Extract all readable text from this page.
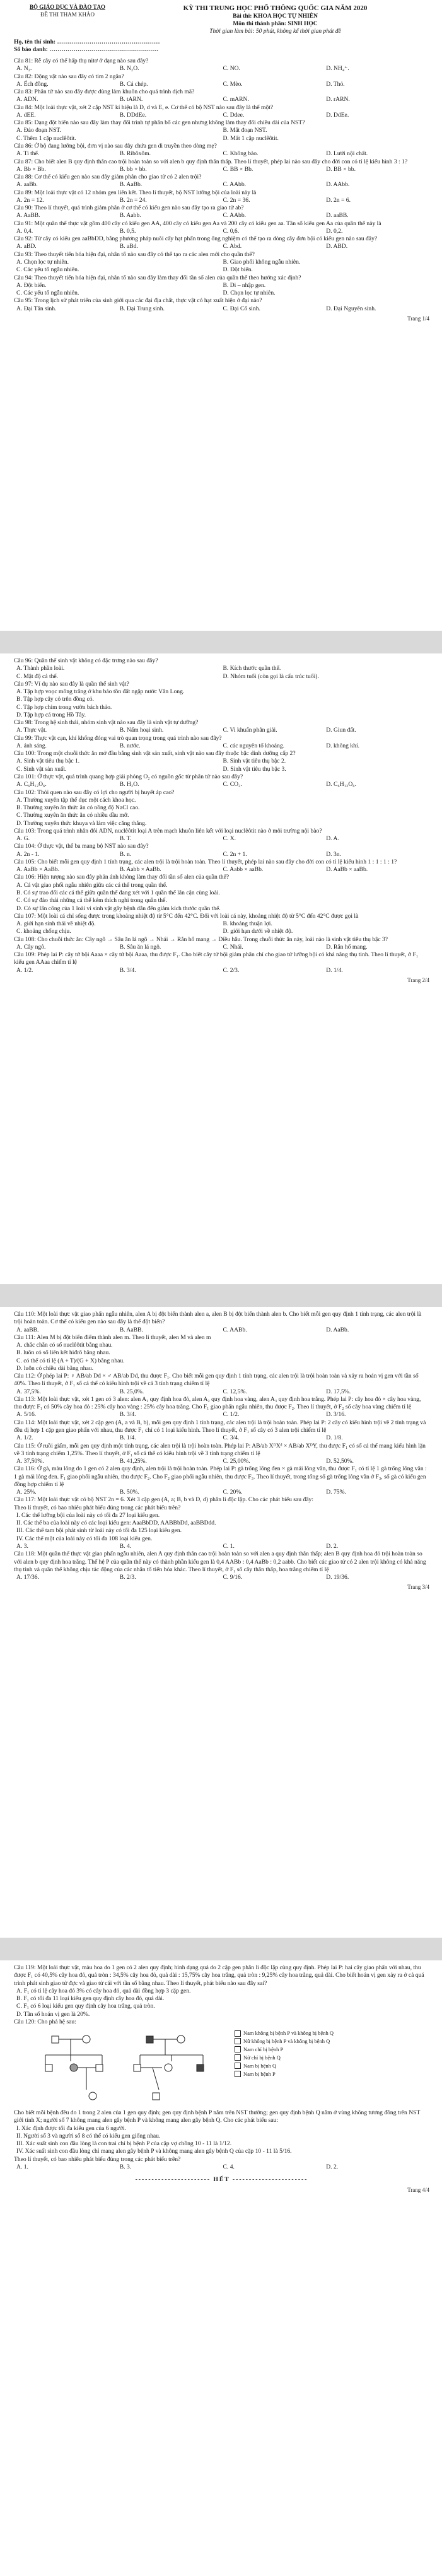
BỘ GIÁO DỤC VÀ ĐÀO TẠO
ĐỀ THI THAM KHẢO
KỲ THI TRUNG HỌC PHỔ THÔNG QUỐC GIA NĂM 2020
Bài thi: KHOA HỌC TỰ NHIÊN
Môn thi thành phần: SINH HỌC
Thời gian làm bài: 50 phút, không kể thời gian phát đề
Họ, tên thí sinh: ……………………………………………
Số báo danh: ………………………………………………

Câu 81: Rễ cây có thể hấp thụ nitơ ở dạng nào sau đây?

A. N₂.	B. N₂O.	C. NO.	D. NH₄⁺.

Câu 82: Động vật nào sau đây có tim 2 ngăn?

A. Ếch đồng.	B. Cá chép.	C. Mèo.	D. Thỏ.

Câu 83: Phân tử nào sau đây được dùng làm khuôn cho quá trình dịch mã?

A. ADN.	B. tARN.	C. mARN.	D. rARN.

Câu 84: Một loài thực vật, xét 2 cặp NST kí hiệu là D, d và E, e. Cơ thể có bộ NST nào sau đây là thể một?

A. dEE.	B. DDdEe.	C. Ddee.	D. DdEe.

Câu 85: Dạng đột biến nào sau đây làm thay đổi trình tự phân bố các gen nhưng không làm thay đổi chiều dài của NST?

A. Đảo đoạn NST.	B. Mất đoạn NST.
C. Thêm 1 cặp nuclêôtit.	D. Mất 1 cặp nuclêôtit.

Câu 86: Ở bộ đang lưỡng bội, đơn vị nào sau đây chứa gen di truyền theo dòng mẹ?

A. Ti thể.	B. Ribôxôm.	C. Không bào.	D. Lưới nội chất.

Câu 87: Cho biết alen B quy định thân cao trội hoàn toàn so với alen b quy định thân thấp. Theo lí thuyết, phép lai nào sau đây cho đời con có tỉ lệ kiểu hình 3 : 1?

A. Bb × Bb.	B. bb × bb.	C. BB × Bb.	D. BB × bb.

Câu 88: Cơ thể có kiểu gen nào sau đây giảm phân cho giao tử có 2 alen trội?

A. aaBb.	B. AaBb.	C. AAbb.	D. AAbb.

Câu 89: Một loài thực vật có 12 nhóm gen liên kết. Theo lí thuyết, bộ NST lưỡng bội của loài này là

A. 2n = 12.	B. 2n = 24.	C. 2n = 36.	D. 2n = 6.

Câu 90: Theo lí thuyết, quá trình giảm phân ở cơ thể có kiểu gen nào sau đây tạo ra giao tử ab?

A. AaBB.	B. Aabb.	C. AAbb.	D. aaBB.

Câu 91: Một quần thể thực vật gồm 400 cây có kiểu gen AA, 400 cây có kiểu gen Aa và 200 cây có kiểu gen aa. Tần số kiểu gen Aa của quần thể này là

A. 0,4.	B. 0,5.	C. 0,6.	D. 0,2.

Câu 92: Từ cây có kiểu gen aaBbDD, bằng phương pháp nuôi cấy hạt phấn trong ống nghiệm có thể tạo ra dòng cây đơn bội có kiểu gen nào sau đây?

A. aBD.	B. aBd.	C. Abd.	D. ABD.

Câu 93: Theo thuyết tiến hóa hiện đại, nhân tố nào sau đây có thể tạo ra các alen mới cho quần thể?

A. Chọn lọc tự nhiên.	B. Giao phối không ngẫu nhiên.
C. Các yếu tố ngẫu nhiên.	D. Đột biến.

Câu 94: Theo thuyết tiến hóa hiện đại, nhân tố nào sau đây làm thay đổi tần số alen của quần thể theo hướng xác định?

A. Đột biến.	B. Di – nhập gen.
C. Các yếu tố ngẫu nhiên.	D. Chọn lọc tự nhiên.

Câu 95: Trong lịch sử phát triển của sinh giới qua các đại địa chất, thực vật có hạt xuất hiện ở đại nào?

A. Đại Tân sinh.	B. Đại Trung sinh.	C. Đại Cổ sinh.	D. Đại Nguyên sinh.
Trang 1/4

Câu 96: Quần thể sinh vật không có đặc trưng nào sau đây?

A. Thành phần loài.	B. Kích thước quần thể.
C. Mật độ cá thể.	D. Nhóm tuổi (còn gọi là cấu trúc tuổi).

Câu 97: Ví dụ nào sau đây là quần thể sinh vật?

A. Tập hợp voọc mông trắng ở khu bảo tồn đất ngập nước Vân Long.
B. Tập hợp cây cỏ trên đồng cỏ.
C. Tập hợp chim trong vườn bách thảo.
D. Tập hợp cá trong Hồ Tây.

Câu 98: Trong hệ sinh thái, nhóm sinh vật nào sau đây là sinh vật tự dưỡng?

A. Thực vật.	B. Nấm hoại sinh.	C. Vi khuẩn phân giải.	D. Giun đất.

Câu 99: Thực vật cạn, khí khổng đóng vai trò quan trọng trong quá trình nào sau đây?

A. ánh sáng.	B. nước.	C. các nguyên tố khoáng.	D. không khí.

Câu 100: Trong một chuỗi thức ăn mở đầu bằng sinh vật sản xuất, sinh vật nào sau đây thuộc bậc dinh dưỡng cấp 2?

A. Sinh vật tiêu thụ bậc 1.	B. Sinh vật tiêu thụ bậc 2.
C. Sinh vật sản xuất.	D. Sinh vật tiêu thụ bậc 3.

Câu 101: Ở thực vật, quá trình quang hợp giải phóng O₂ có nguồn gốc từ phân tử nào sau đây?

A. C₆H₁₂O₆.	B. H₂O.	C. CO₂.	D. C₆H₁₂O₆.

Câu 102: Thói quen nào sau đây có lợi cho người bị huyết áp cao?

A. Thường xuyên tập thể dục một cách khoa học.
B. Thường xuyên ăn thức ăn có nồng độ NaCl cao.
C. Thường xuyên ăn thức ăn có nhiều dầu mỡ.
D. Thường xuyên thức khuya và làm việc căng thẳng.

Câu 103: Trong quá trình nhân đôi ADN, nuclêôtit loại A trên mạch khuôn liên kết với loại nuclêôtit nào ở môi trường nội bào?

A. G.	B. T.	C. X.	D. A.

Câu 104: Ở thực vật, thể ba mang bộ NST nào sau đây?

A. 2n - 1.	B. n.	C. 2n + 1.	D. 3n.

Câu 105: Cho biết mỗi gen quy định 1 tính trạng, các alen trội là trội hoàn toàn. Theo lí thuyết, phép lai nào sau đây cho đời con có tỉ lệ kiểu hình 1 : 1 : 1 : 1?

A. AaBb × AaBb.	B. Aabb × AaBb.	C. Aabb × aaBb.	D. AaBb × aaBb.

Câu 106: Hiện tượng nào sau đây phản ánh không làm thay đổi tần số alen của quần thể?

A. Cá vật giao phối ngẫu nhiên giữa các cá thể trong quần thể.
B. Có sự trao đổi các cá thể giữa quần thể đang xét với 1 quần thể lân cận cùng loài.
C. Có sự đào thải những cá thể kém thích nghi trong quần thể.
D. Có sự lấn công của 1 loài vi sinh vật gây bệnh dẫn đến giảm kích thước quần thể.

Câu 107: Một loài cá chỉ sống được trong khoảng nhiệt độ từ 5°C đến 42°C. Đối với loài cá này, khoảng nhiệt độ từ 5°C đến 42°C được gọi là

A. giới hạn sinh thái về nhiệt độ.	B. khoảng thuận lợi.
C. khoảng chống chịu.	D. giới hạn dưới về nhiệt độ.

Câu 108: Cho chuỗi thức ăn: Cây ngô → Sâu ăn lá ngô → Nhái → Rắn hổ mang → Diều hâu. Trong chuỗi thức ăn này, loài nào là sinh vật tiêu thụ bậc 3?

A. Cây ngô.	B. Sâu ăn lá ngô.	C. Nhái.	D. Rắn hổ mang.

Câu 109: Phép lai P: cây tứ bội Aaaa × cây tứ bội Aaaa, thu được F₁. Cho biết cây tứ bội giảm phân chỉ cho giao tử lưỡng bội có khả năng thụ tinh. Theo lí thuyết, ở F₁ kiểu gen AAaa chiếm tỉ lệ

A. 1/2.	B. 3/4.	C. 2/3.	D. 1/4.
Trang 2/4

Câu 110: Một loài thực vật giao phấn ngẫu nhiên, alen A bị đột biến thành alen a, alen B bị đột biến thành alen b. Cho biết mỗi gen quy định 1 tính trạng, các alen trội là trội hoàn toàn. Cơ thể có kiểu gen nào sau đây là thể đột biến?

A. aaBB.	B. AaBB.	C. AABb.	D. AaBb.

Câu 111: Alen M bị đột biến điểm thành alen m. Theo lí thuyết, alen M và alen m

A. chắc chắn có số nuclêôtit bằng nhau.
B. luôn có số liên kết hiđrô bằng nhau.
C. có thể có tỉ lệ (A + T)/(G + X) bằng nhau.
D. luôn có chiều dài bằng nhau.

Câu 112: Ở phép lai P: ♀ AB/ab Dd × ♂ AB/ab Dd, thu được F₁. Cho biết mỗi gen quy định 1 tính trạng, các alen trội là trội hoàn toàn và xảy ra hoán vị gen với tần số 40%. Theo lí thuyết, ở F₁ số cá thể có kiểu hình trội về cả 3 tính trạng chiếm tỉ lệ

A. 37,5%.	B. 25,0%.	C. 12,5%.	D. 17,5%.

Câu 113: Một loài thực vật, xét 1 gen có 3 alen: alen A₁ quy định hoa đỏ, alen A₂ quy định hoa vàng, alen A₃ quy định hoa trắng. Phép lai P: cây hoa đỏ × cây hoa vàng, thu được F₁ có 50% cây hoa đỏ : 25% cây hoa vàng : 25% cây hoa trắng. Cho F₁ giao phấn ngẫu nhiên, thu được F₂. Theo lí thuyết, ở F₂ số cây hoa vàng chiếm tỉ lệ

A. 5/16.	B. 3/4.	C. 1/2.	D. 3/16.

Câu 114: Một loài thực vật, xét 2 cặp gen (A, a và B, b), mỗi gen quy định 1 tính trạng, các alen trội là trội hoàn toàn. Phép lai P: 2 cây có kiểu hình trội về 2 tính trạng và đều dị hợp 1 cặp gen giao phấn với nhau, thu được F₁ chỉ có 1 loại kiểu hình. Theo lí thuyết, ở F₁ số cây có 3 alen trội chiếm tỉ lệ

A. 1/2.	B. 1/4.	C. 3/4.	D. 1/8.

Câu 115: Ở ruồi giấm, mỗi gen quy định một tính trạng, các alen trội là trội hoàn toàn. Phép lai P: AB/ab XᴰXᵈ × AB/ab XᴰY, thu được F₁ có số cá thể mang kiểu hình lặn về 3 tính trạng chiếm 1,25%. Theo lí thuyết, ở F₁ số cá thể có kiểu hình trội về 3 tính trạng chiếm tỉ lệ

A. 37,50%.	B. 41,25%.	C. 25,00%.	D. 52,50%.

Câu 116: Ở gà, màu lông do 1 gen có 2 alen quy định, alen trội là trội hoàn toàn. Phép lai P: gà trống lông đen × gà mái lông vằn, thu được F₁ có tỉ lệ 1 gà trống lông vằn : 1 gà mái lông đen. F₁ giao phối ngẫu nhiên, thu được F₂. Cho F₂ giao phối ngẫu nhiên, thu được F₃. Theo lí thuyết, trong tổng số gà trống lông vằn ở F₃, số gà có kiểu gen đồng hợp chiếm tỉ lệ

A. 25%.	B. 50%.	C. 20%.	D. 75%.

Câu 117: Một loài thực vật có bộ NST 2n = 6. Xét 3 cặp gen (A, a; B, b và D, d) phân li độc lập. Cho các phát biểu sau đây:

Theo lí thuyết, có bao nhiêu phát biểu đúng trong các phát biểu trên?

I. Các thể lưỡng bội của loài này có tối đa 27 loại kiểu gen.
II. Các thể ba của loài này có các loại kiểu gen: AaaBbDD, AABBbDd, aaBBDdd.
III. Các thể tam bội phát sinh từ loài này có tối đa 125 loại kiểu gen.
IV. Các thể một của loài này có tối đa 108 loại kiểu gen.
A. 3.	B. 4.	C. 1.	D. 2.

Câu 118: Một quần thể thực vật giao phấn ngẫu nhiên, alen A quy định thân cao trội hoàn toàn so với alen a quy định thân thấp; alen B quy định hoa đỏ trội hoàn toàn so với alen b quy định hoa trắng. Thế hệ P của quần thể này có thành phần kiểu gen là 0,4 AABb : 0,4 AaBb : 0,2 aabb. Cho biết các giao tử có 2 alen trội không có khả năng thụ tinh và quần thể không chịu tác động của các nhân tố tiến hóa khác. Theo lí thuyết, ở F₁ số cây thân thấp, hoa trắng chiếm tỉ lệ

A. 17/36.	B. 2/3.	C. 9/16.	D. 19/36.
Trang 3/4

Câu 119: Một loài thực vật, màu hoa do 1 gen có 2 alen quy định; hình dạng quả do 2 cặp gen phân li độc lập cùng quy định. Phép lai P: hai cây giao phấn với nhau, thu được F₁ có 40,5% cây hoa đỏ, quả tròn : 34,5% cây hoa đỏ, quả dài : 15,75% cây hoa trắng, quả tròn : 9,25% cây hoa trắng, quả dài. Cho biết hoán vị gen xảy ra ở cả quá trình phát sinh giao tử đực và giao tử cái với tần số bằng nhau. Theo lí thuyết, phát biểu nào sau đây sai?

A. F₁ có tỉ lệ cây hoa đỏ 3% có cây hoa đỏ, quả dài đồng hợp 3 cặp gen.
B. F₁ có tối đa 11 loại kiểu gen quy định cây hoa đỏ, quả dài.
C. F₁ có 6 loại kiểu gen quy định cây hoa trắng, quả tròn.
D. Tần số hoán vị gen là 20%.

Câu 120: Cho phả hệ sau:

Nam không bị bệnh P và không bị bệnh Q
Nữ không bị bệnh P và không bị bệnh Q
Nam chỉ bị bệnh P
Nữ chỉ bị bệnh Q
Nam bị bệnh Q
Nam bị bệnh P

Cho biết mỗi bệnh đều do 1 trong 2 alen của 1 gen quy định; gen quy định bệnh P nằm trên NST thường; gen quy định bệnh Q nằm ở vùng không tương đồng trên NST giới tính X; người số 7 không mang alen gây bệnh P và không mang alen gây bệnh Q. Cho các phát biểu sau:

I. Xác định được tối đa kiểu gen của 6 người.
II. Người số 3 và người số 8 có thể có kiểu gen giống nhau.
III. Xác suất sinh con đầu lòng là con trai chỉ bị bệnh P của cặp vợ chồng 10 - 11 là 1/12.
IV. Xác suất sinh con đầu lòng chỉ mang alen gây bệnh P và không mang alen gây bệnh Q của cặp 10 - 11 là 5/16.

Theo lí thuyết, có bao nhiêu phát biểu đúng trong các phát biểu trên?

A. 1.	B. 3.	C. 4.	D. 2.
----------------------- HẾT -----------------------
Trang 4/4
